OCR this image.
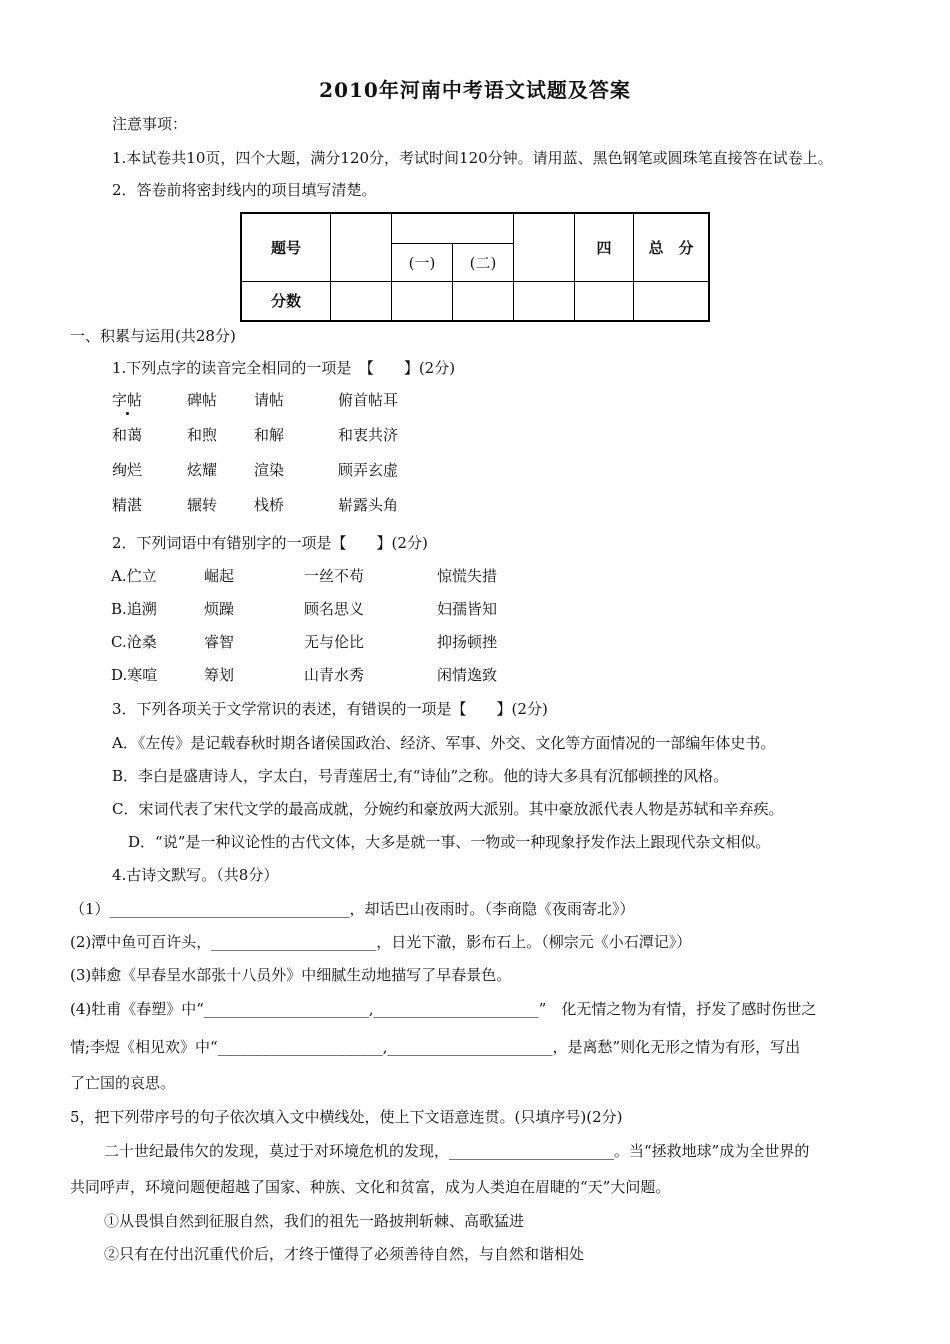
2010年河南中考语文试题及答案
注意事项：
1.本试卷共10页，四个大题，满分120分，考试时间120分钟。请用蓝、黑色钢笔或圆珠笔直接答在试卷上。
2．答卷前将密封线内的项目填写清楚。
题号					四	总　分
		(一)	(二)			
分数						
一、积累与运用(共28分)
1.下列点字的读音完全相同的一项是　【　　】(2分)
字帖	碑帖 请帖	俯首帖耳
和蔼	和煦 和解	和衷共济
绚烂	炫耀 渲染	顾弄玄虚
精湛	辗转 栈桥	崭露头角
2．下列词语中有错别字的一项是【　　】(2分)
A.伫立	崛起	一丝不苟	惊慌失措
B.追溯	烦躁	顾名思义	妇孺皆知
C.沧桑	睿智	无与伦比	抑扬顿挫
D.寒喧	筹划	山青水秀	闲情逸致
3．下列各项关于文学常识的表述，有错误的一项是【　　】(2分)
A．《左传》是记载春秋时期各诸侯国政治、经济、军事、外交、文化等方面情况的一部编年体史书。
B．李白是盛唐诗人，字太白，号青莲居士,有“诗仙”之称。他的诗大多具有沉郁顿挫的风格。
C．宋词代表了宋代文学的最高成就，分婉约和豪放两大派别。其中豪放派代表人物是苏轼和辛弃疾。
D．“说”是一种议论性的古代文体，大多是就一事、一物或一种现象抒发作法上跟现代杂文相似。
4.古诗文默写。（共8分）
（1）________________________________，却话巴山夜雨时。（李商隐《夜雨寄北》）
(2)潭中鱼可百许头，______________________，日光下澈，影布石上。（柳宗元《小石潭记》）
(3)韩愈《早春呈水部张十八员外》中细腻生动地描写了早春景色。
(4)牡甫《春塑》中“______________________,______________________”　化无情之物为有情，抒发了感时伤世之
情;李煜《相见欢》中“______________________,______________________，是离愁”则化无形之情为有形，写出
了亡国的哀思。
5，把下列带序号的句子依次填入文中横线处，使上下文语意连贯。(只填序号)(2分)
二十世纪最伟欠的发现，莫过于对环境危机的发现，______________________。当“拯救地球”成为全世界的
共同呼声，环境问题便超越了国家、种族、文化和贫富，成为人类迫在眉睫的“天”大问题。
①从畏惧自然到征服自然，我们的祖先一路披荆斩棘、高歌猛进
②只有在付出沉重代价后，才终于懂得了必须善待自然，与自然和谐相处
